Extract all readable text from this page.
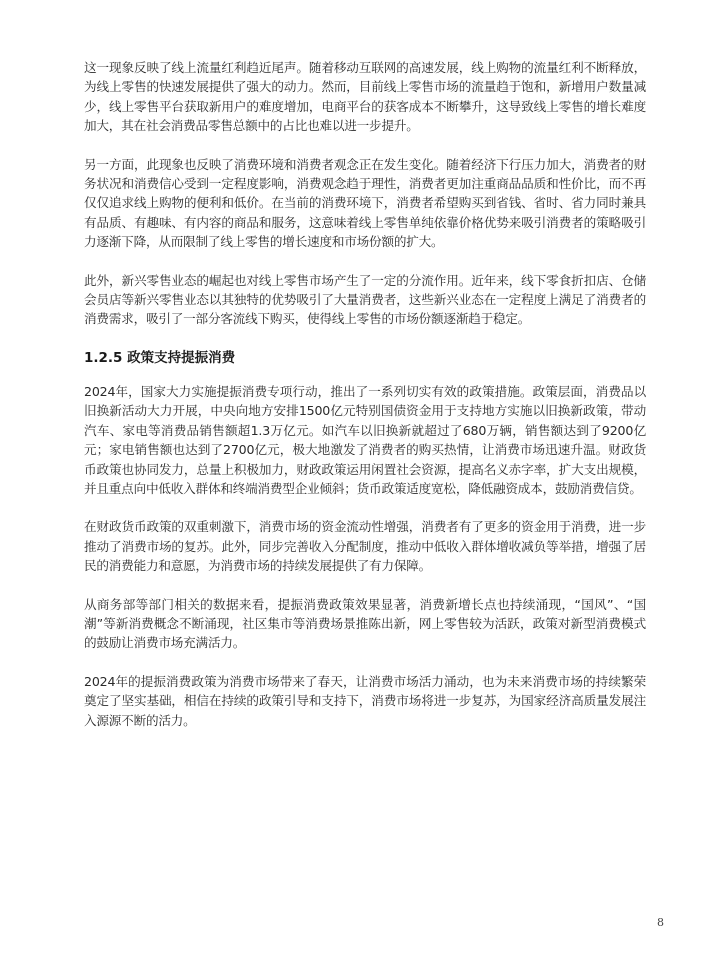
这一现象反映了线上流量红利趋近尾声。随着移动互联网的高速发展，线上购物的流量红利不断释放，为线上零售的快速发展提供了强大的动力。然而，目前线上零售市场的流量趋于饱和，新增用户数量减少，线上零售平台获取新用户的难度增加，电商平台的获客成本不断攀升，这导致线上零售的增长难度加大，其在社会消费品零售总额中的占比也难以进一步提升。

另一方面，此现象也反映了消费环境和消费者观念正在发生变化。随着经济下行压力加大，消费者的财务状况和消费信心受到一定程度影响，消费观念趋于理性，消费者更加注重商品品质和性价比，而不再仅仅追求线上购物的便利和低价。在当前的消费环境下，消费者希望购买到省钱、省时、省力同时兼具有品质、有趣味、有内容的商品和服务，这意味着线上零售单纯依靠价格优势来吸引消费者的策略吸引力逐渐下降，从而限制了线上零售的增长速度和市场份额的扩大。

此外，新兴零售业态的崛起也对线上零售市场产生了一定的分流作用。近年来，线下零食折扣店、仓储会员店等新兴零售业态以其独特的优势吸引了大量消费者，这些新兴业态在一定程度上满足了消费者的消费需求，吸引了一部分客流线下购买，使得线上零售的市场份额逐渐趋于稳定。

1.2.5 政策支持提振消费

2024年，国家大力实施提振消费专项行动，推出了一系列切实有效的政策措施。政策层面，消费品以旧换新活动大力开展，中央向地方安排1500亿元特别国债资金用于支持地方实施以旧换新政策，带动汽车、家电等消费品销售额超1.3万亿元。如汽车以旧换新就超过了680万辆，销售额达到了9200亿元；家电销售额也达到了2700亿元，极大地激发了消费者的购买热情，让消费市场迅速升温。财政货币政策也协同发力，总量上积极加力，财政政策运用闲置社会资源，提高名义赤字率，扩大支出规模，并且重点向中低收入群体和终端消费型企业倾斜；货币政策适度宽松，降低融资成本，鼓励消费信贷。

在财政货币政策的双重刺激下，消费市场的资金流动性增强，消费者有了更多的资金用于消费，进一步推动了消费市场的复苏。此外，同步完善收入分配制度，推动中低收入群体增收减负等举措，增强了居民的消费能力和意愿，为消费市场的持续发展提供了有力保障。

从商务部等部门相关的数据来看，提振消费政策效果显著，消费新增长点也持续涌现，“国风”、“国潮”等新消费概念不断涌现，社区集市等消费场景推陈出新，网上零售较为活跃，政策对新型消费模式的鼓励让消费市场充满活力。

2024年的提振消费政策为消费市场带来了春天，让消费市场活力涌动，也为未来消费市场的持续繁荣奠定了坚实基础，相信在持续的政策引导和支持下，消费市场将进一步复苏，为国家经济高质量发展注入源源不断的活力。

8
